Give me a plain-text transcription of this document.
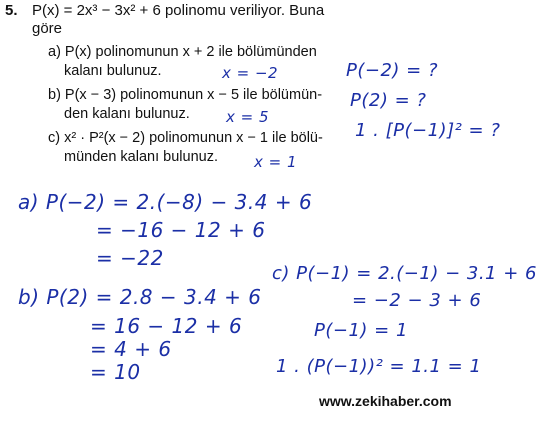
5. P(x) = 2x³ − 3x² + 6 polinomu veriliyor. Buna
göre
a) P(x) polinomunun x + 2 ile bölümünden
kalanı bulunuz.
b) P(x − 3) polinomunun x − 5 ile bölümün-
den kalanı bulunuz.
c) x² · P²(x − 2) polinomunun x − 1 ile bölü-
münden kalanı bulunuz.
x = −2	P(−2) = ?
x = 5
P(2) = ?
x = 1
1 . [P(−1)]² = ?
a) P(−2) = 2.(−8) − 3.4 + 6
= −16 − 12 + 6
= −22
b) P(2) = 2.8 − 3.4 + 6
= 16 − 12 + 6
= 4 + 6
= 10
c) P(−1) = 2.(−1) − 3.1 + 6
= −2 − 3 + 6
P(−1) = 1
1 . (P(−1))² = 1.1 = 1
www.zekihaber.com
